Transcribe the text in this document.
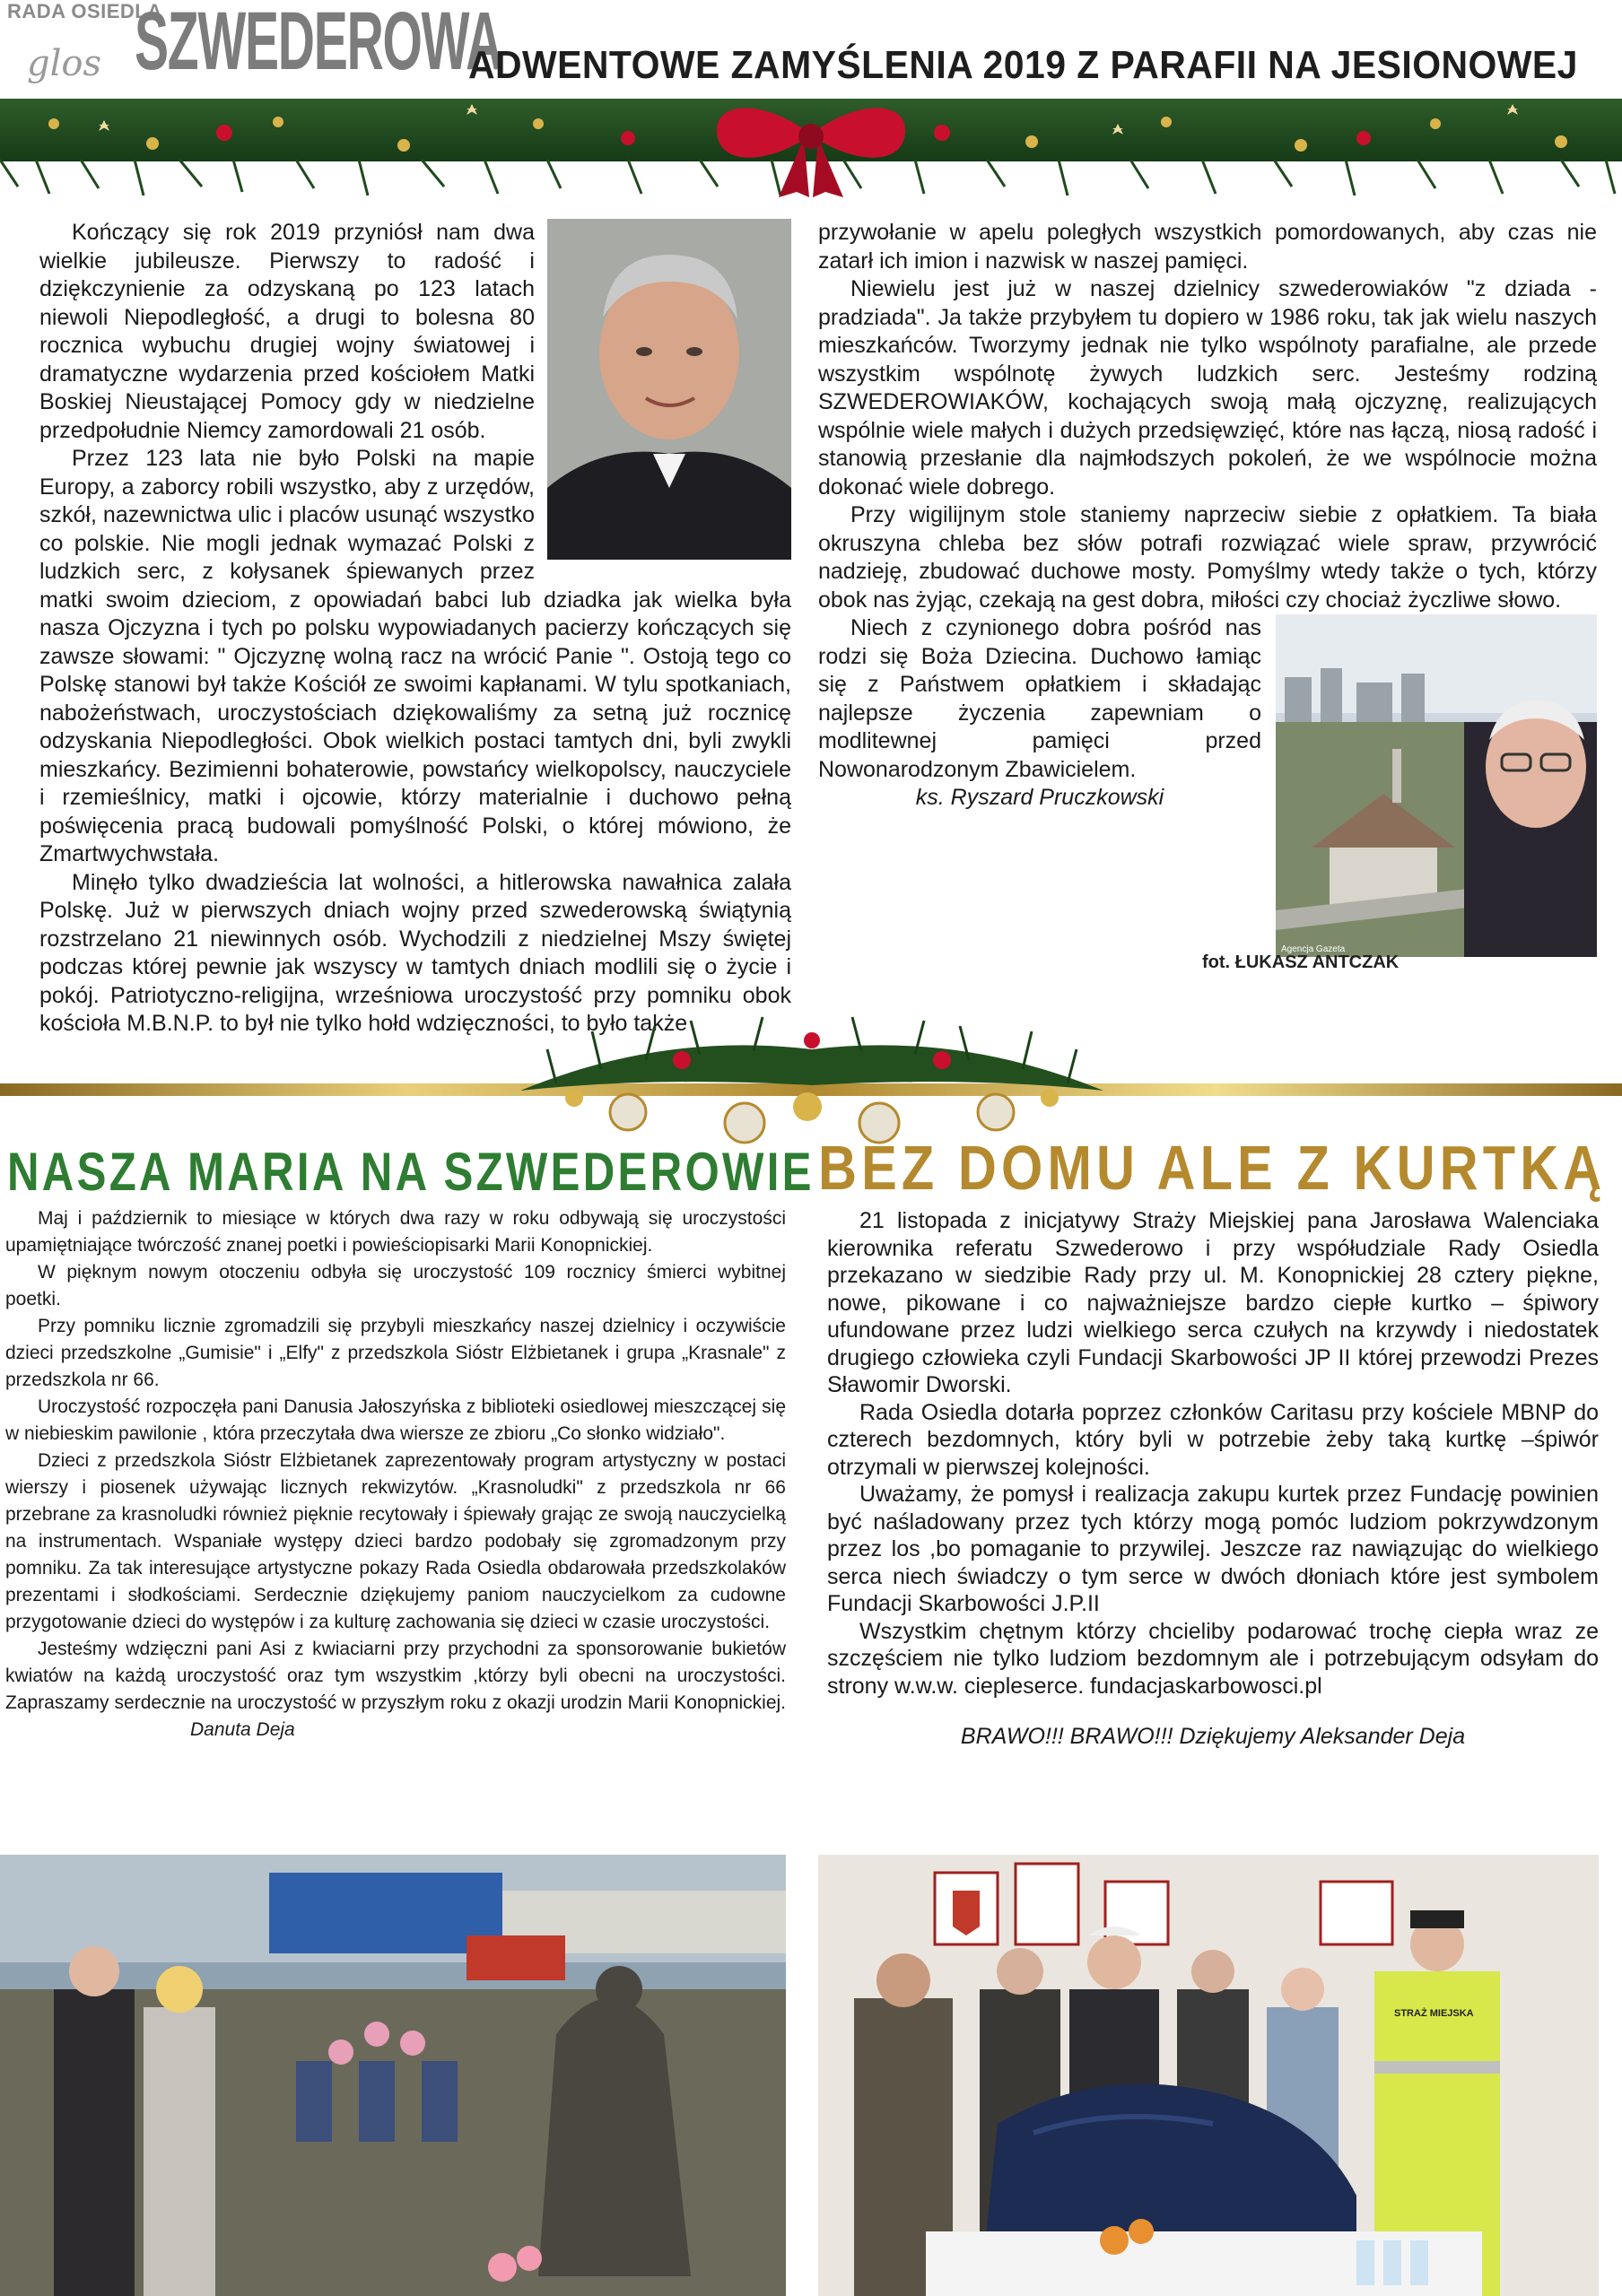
RADA OSIEDLA
glos SZWEDEROWA
ADWENTOWE ZAMYŚLENIA 2019 Z PARAFII NA JESIONOWEJ

Kończący się rok 2019 przyniósł nam dwa wielkie jubileusze. Pierwszy to radość i dziękczynienie za odzyskaną po 123 latach niewoli Niepodległość, a drugi to bolesna 80 rocznica wybuchu drugiej wojny światowej i dramatyczne wydarzenia przed kościołem Matki Boskiej Nieustającej Pomocy gdy w niedzielne przedpołudnie Niemcy zamordowali 21 osób.

Przez 123 lata nie było Polski na mapie Europy, a zaborcy robili wszystko, aby z urzędów, szkół, nazewnictwa ulic i placów usunąć wszystko co polskie. Nie mogli jednak wymazać Polski z ludzkich serc, z kołysanek śpiewanych przez matki swoim dzieciom, z opowiadań babci lub dziadka jak wielka była nasza Ojczyzna i tych po polsku wypowiadanych pacierzy kończących się zawsze słowami: " Ojczyznę wolną racz na wrócić Panie ". Ostoją tego co Polskę stanowi był także Kościół ze swoimi kapłanami. W tylu spotkaniach, nabożeństwach, uroczystościach dziękowaliśmy za setną już rocznicę odzyskania Niepodległości. Obok wielkich postaci tamtych dni, byli zwykli mieszkańcy. Bezimienni bohaterowie, powstańcy wielkopolscy, nauczyciele i rzemieślnicy, matki i ojcowie, którzy materialnie i duchowo pełną poświęcenia pracą budowali pomyślność Polski, o której mówiono, że Zmartwychwstała.

Minęło tylko dwadzieścia lat wolności, a hitlerowska nawałnica zalała Polskę. Już w pierwszych dniach wojny przed szwederowską świątynią rozstrzelano 21 niewinnych osób. Wychodzili z niedzielnej Mszy świętej podczas której pewnie jak wszyscy w tamtych dniach modlili się o życie i pokój. Patriotyczno-religijna, wrześniowa uroczystość przy pomniku obok kościoła M.B.N.P. to był nie tylko hołd wdzięczności, to było także

przywołanie w apelu poległych wszystkich pomordowanych, aby czas nie zatarł ich imion i nazwisk w naszej pamięci.

Niewielu jest już w naszej dzielnicy szwederowiaków "z dziada - pradziada". Ja także przybyłem tu dopiero w 1986 roku, tak jak wielu naszych mieszkańców. Tworzymy jednak nie tylko wspólnoty parafialne, ale przede wszystkim wspólnotę żywych ludzkich serc. Jesteśmy rodziną SZWEDEROWIAKÓW, kochających swoją małą ojczyznę, realizujących wspólnie wiele małych i dużych przedsięwzięć, które nas łączą, niosą radość i stanowią przesłanie dla najmłodszych pokoleń, że we wspólnocie można dokonać wiele dobrego.

Przy wigilijnym stole staniemy naprzeciw siebie z opłatkiem. Ta biała okruszyna chleba bez słów potrafi rozwiązać wiele spraw, przywrócić nadzieję, zbudować duchowe mosty. Pomyślmy wtedy także o tych, którzy obok nas żyjąc, czekają na gest dobra, miłości czy chociaż życzliwe słowo.

Agencja Gazeta

Niech z czynionego dobra pośród nas rodzi się Boża Dziecina. Duchowo łamiąc się z Państwem opłatkiem i składając najlepsze życzenia zapewniam o modlitewnej pamięci przed Nowonarodzonym Zbawicielem.

ks. Ryszard Pruczkowski

fot. ŁUKASZ ANTCZAK
NASZA MARIA NA SZWEDEROWIE

Maj i październik to miesiące w których dwa razy w roku odbywają się uroczystości upamiętniające twórczość znanej poetki i powieściopisarki Marii Konopnickiej.

W pięknym nowym otoczeniu odbyła się uroczystość 109 rocznicy śmierci wybitnej poetki.

Przy pomniku licznie zgromadzili się przybyli mieszkańcy naszej dzielnicy i oczywiście dzieci przedszkolne „Gumisie" i „Elfy" z przedszkola Sióstr Elżbietanek i grupa „Krasnale" z przedszkola nr 66.

Uroczystość rozpoczęła pani Danusia Jałoszyńska z biblioteki osiedlowej mieszczącej się w niebieskim pawilonie , która przeczytała dwa wiersze ze zbioru „Co słonko widziało".

Dzieci z przedszkola Sióstr Elżbietanek zaprezentowały program artystyczny w postaci wierszy i piosenek używając licznych rekwizytów. „Krasnoludki" z przedszkola nr 66 przebrane za krasnoludki również pięknie recytowały i śpiewały grając ze swoją nauczycielką na instrumentach. Wspaniałe występy dzieci bardzo podobały się zgromadzonym przy pomniku. Za tak interesujące artystyczne pokazy Rada Osiedla obdarowała przedszkolaków prezentami i słodkościami. Serdecznie dziękujemy paniom nauczycielkom za cudowne przygotowanie dzieci do występów i za kulturę zachowania się dzieci w czasie uroczystości.

Jesteśmy wdzięczni pani Asi z kwiaciarni przy przychodni za sponsorowanie bukietów kwiatów na każdą uroczystość oraz tym wszystkim ,którzy byli obecni na uroczystości. Zapraszamy serdecznie na uroczystość w przyszłym roku z okazji urodzin Marii Konopnickiej.Danuta Deja

BEZ DOMU ALE Z KURTKĄ

21 listopada z inicjatywy Straży Miejskiej pana Jarosława Walenciaka kierownika referatu Szwederowo i przy współudziale Rady Osiedla przekazano w siedzibie Rady przy ul. M. Konopnickiej 28 cztery piękne, nowe, pikowane i co najważniejsze bardzo ciepłe kurtko – śpiwory ufundowane przez ludzi wielkiego serca czułych na krzywdy i niedostatek drugiego człowieka czyli Fundacji Skarbowości JP II której przewodzi Prezes Sławomir Dworski.

Rada Osiedla dotarła poprzez członków Caritasu przy kościele MBNP do czterech bezdomnych, który byli w potrzebie żeby taką kurtkę –śpiwór otrzymali w pierwszej kolejności.

Uważamy, że pomysł i realizacja zakupu kurtek przez Fundację powinien być naśladowany przez tych którzy mogą pomóc ludziom pokrzywdzonym przez los ,bo pomaganie to przywilej. Jeszcze raz nawiązując do wielkiego serca niech świadczy o tym serce w dwóch dłoniach które jest symbolem Fundacji Skarbowości J.P.II

Wszystkim chętnym którzy chcieliby podarować trochę ciepła wraz ze szczęściem nie tylko ludziom bezdomnym ale i potrzebującym odsyłam do strony w.w.w. ciepleserce. fundacjaskarbowosci.pl

BRAWO!!! BRAWO!!! Dziękujemy Aleksander Deja

STRAŻ MIEJSKA
